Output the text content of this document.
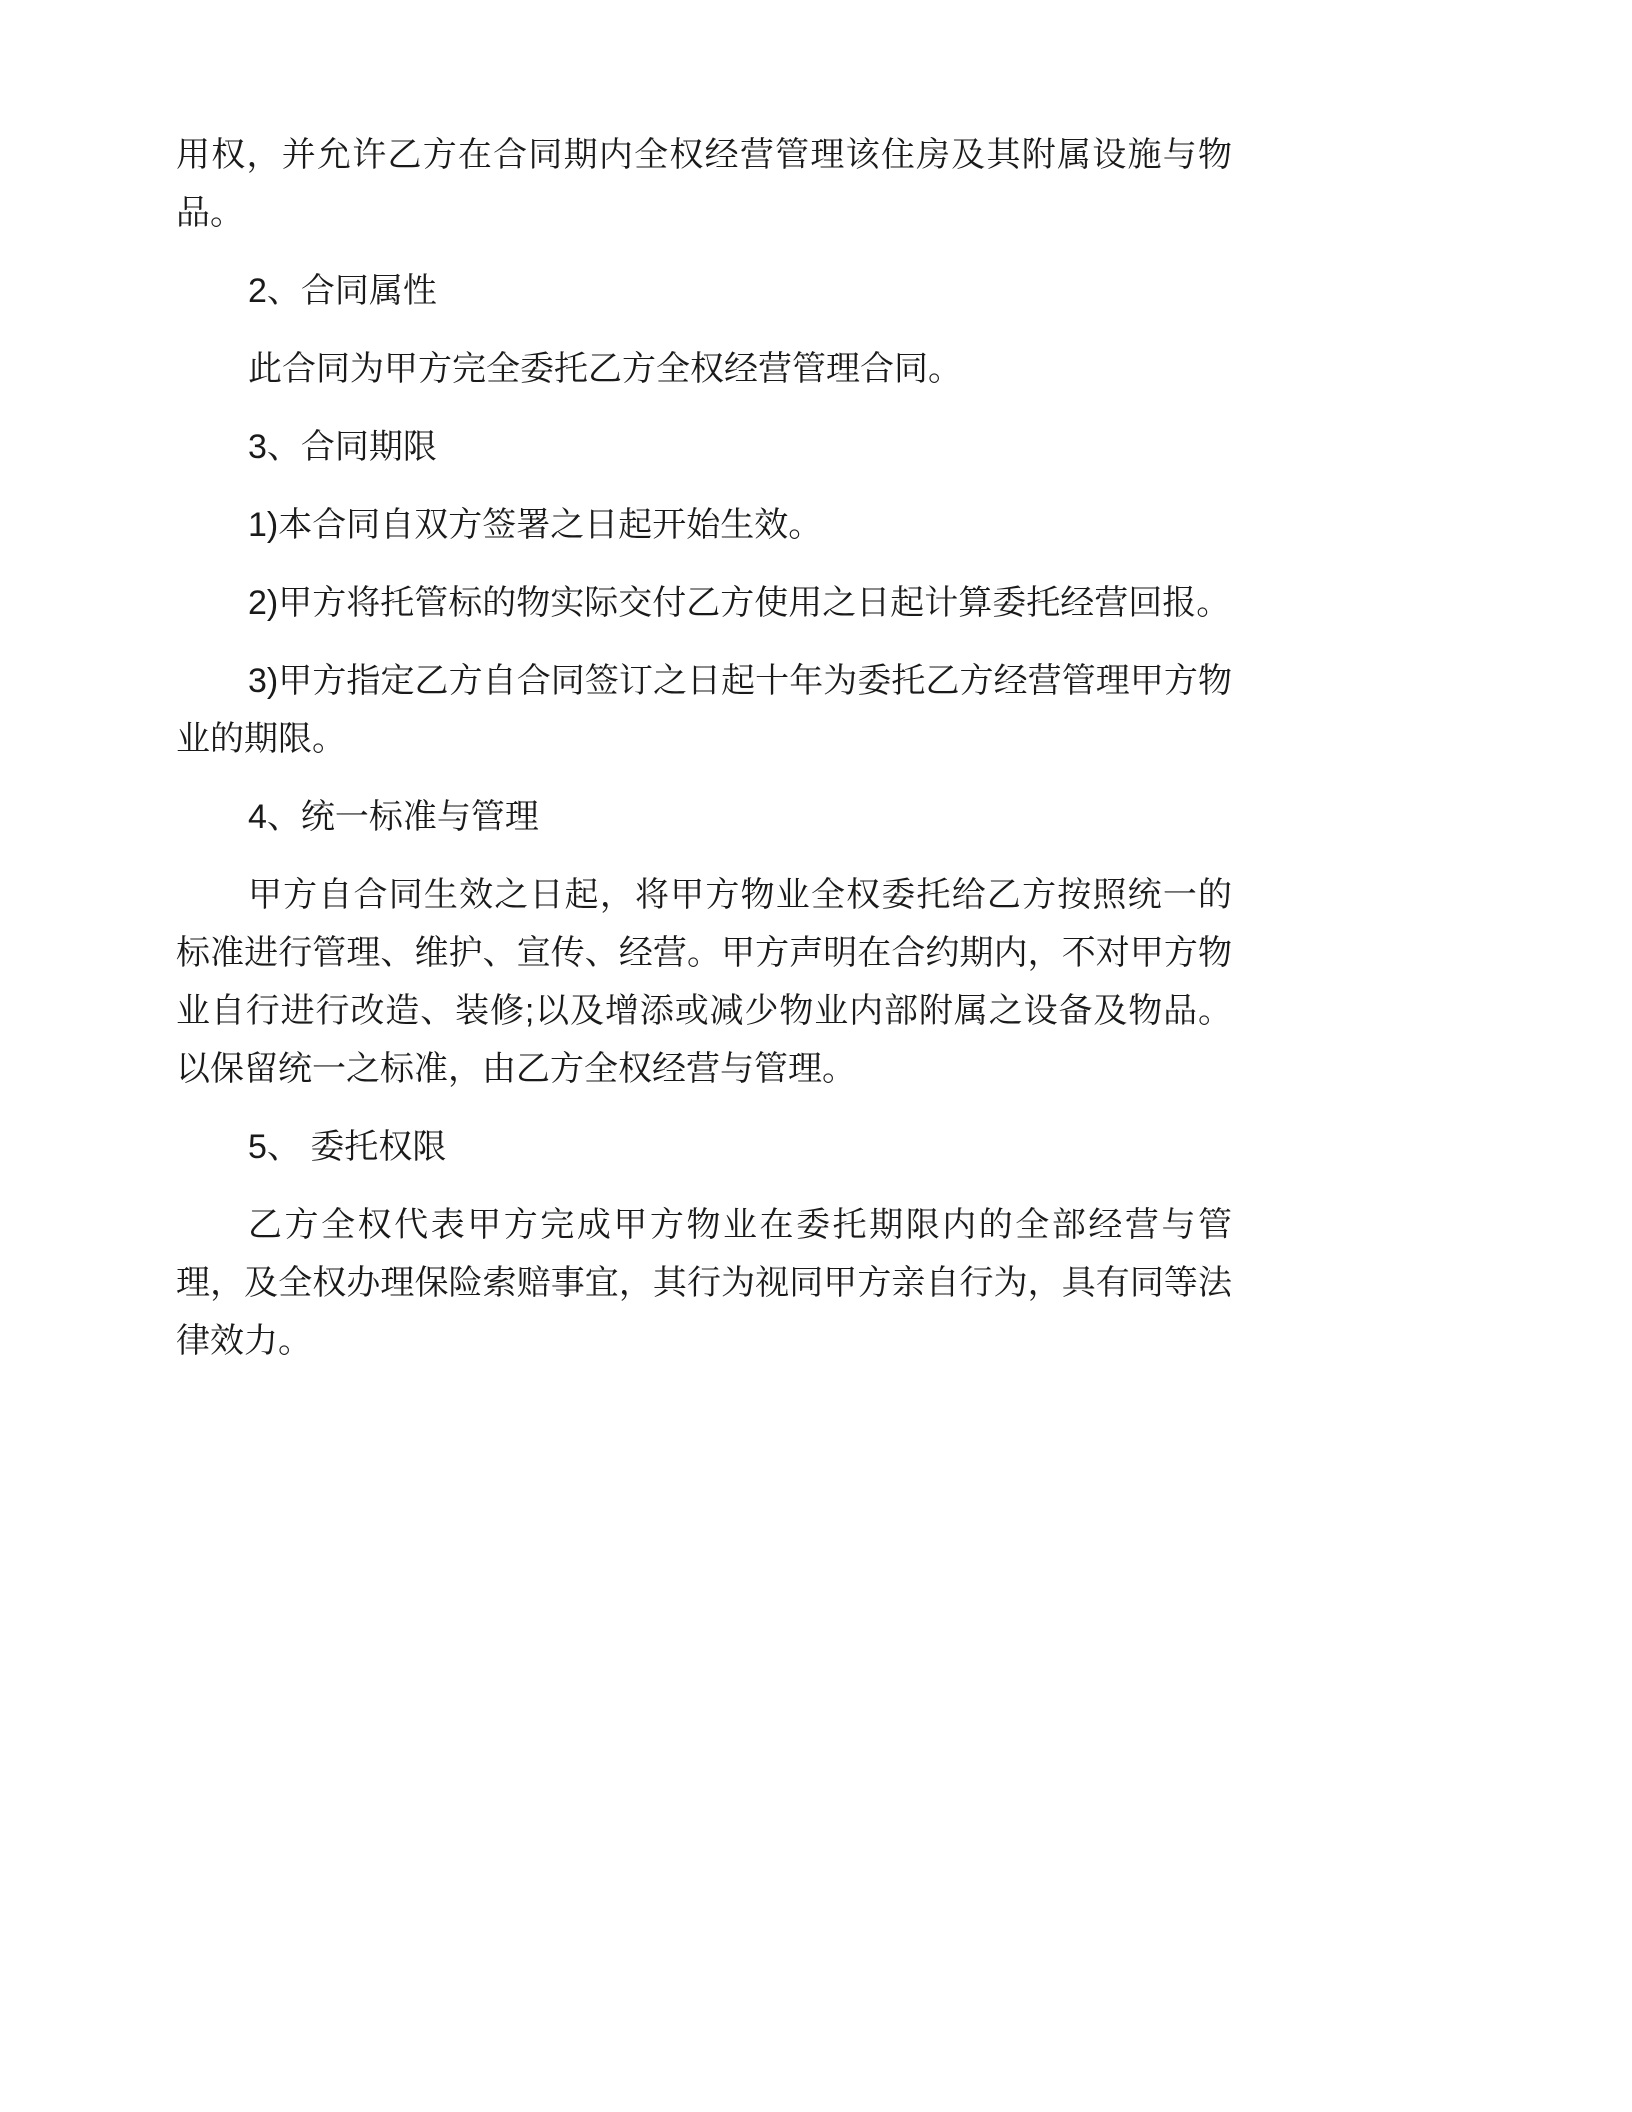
用权，并允许乙方在合同期内全权经营管理该住房及其附属设施与物品。

2、合同属性

此合同为甲方完全委托乙方全权经营管理合同。

3、合同期限

1)本合同自双方签署之日起开始生效。

2)甲方将托管标的物实际交付乙方使用之日起计算委托经营回报。

3)甲方指定乙方自合同签订之日起十年为委托乙方经营管理甲方物业的期限。

4、统一标准与管理

甲方自合同生效之日起，将甲方物业全权委托给乙方按照统一的标准进行管理、维护、宣传、经营。甲方声明在合约期内，不对甲方物业自行进行改造、装修;以及增添或减少物业内部附属之设备及物品。以保留统一之标准，由乙方全权经营与管理。

5、 委托权限

乙方全权代表甲方完成甲方物业在委托期限内的全部经营与管理，及全权办理保险索赔事宜，其行为视同甲方亲自行为，具有同等法律效力。
